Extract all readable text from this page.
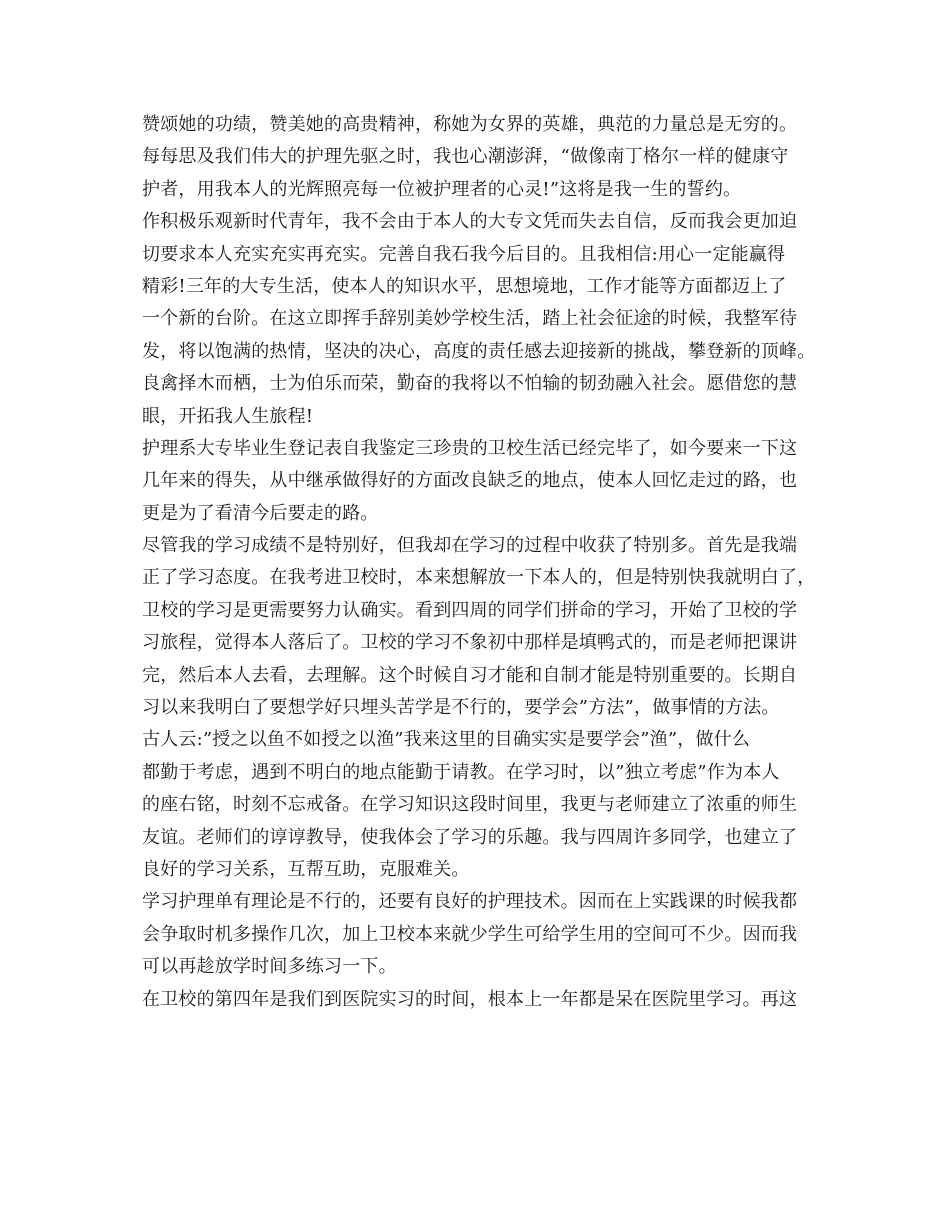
赞颂她的功绩，赞美她的高贵精神，称她为女界的英雄，典范的力量总是无穷的。
每每思及我们伟大的护理先驱之时，我也心潮澎湃，“做像南丁格尔一样的健康守
护者，用我本人的光辉照亮每一位被护理者的心灵!”这将是我一生的誓约。
作积极乐观新时代青年，我不会由于本人的大专文凭而失去自信，反而我会更加迫
切要求本人充实充实再充实。完善自我石我今后目的。且我相信:用心一定能赢得
精彩!三年的大专生活，使本人的知识水平，思想境地，工作才能等方面都迈上了
一个新的台阶。在这立即挥手辞别美妙学校生活，踏上社会征途的时候，我整军待
发，将以饱满的热情，坚决的决心，高度的责任感去迎接新的挑战，攀登新的顶峰。
良禽择木而栖，士为伯乐而荣，勤奋的我将以不怕输的韧劲融入社会。愿借您的慧
眼，开拓我人生旅程!
护理系大专毕业生登记表自我鉴定三珍贵的卫校生活已经完毕了，如今要来一下这
几年来的得失，从中继承做得好的方面改良缺乏的地点，使本人回忆走过的路，也
更是为了看清今后要走的路。
尽管我的学习成绩不是特别好，但我却在学习的过程中收获了特别多。首先是我端
正了学习态度。在我考进卫校时，本来想解放一下本人的，但是特别快我就明白了，
卫校的学习是更需要努力认确实。看到四周的同学们拼命的学习，开始了卫校的学
习旅程，觉得本人落后了。卫校的学习不象初中那样是填鸭式的，而是老师把课讲
完，然后本人去看，去理解。这个时候自习才能和自制才能是特别重要的。长期自
习以来我明白了要想学好只埋头苦学是不行的，要学会”方法”，做事情的方法。
古人云:”授之以鱼不如授之以渔”我来这里的目确实实是要学会”渔”，做什么
都勤于考虑，遇到不明白的地点能勤于请教。在学习时，以”独立考虑”作为本人
的座右铭，时刻不忘戒备。在学习知识这段时间里，我更与老师建立了浓重的师生
友谊。老师们的谆谆教导，使我体会了学习的乐趣。我与四周许多同学，也建立了
良好的学习关系，互帮互助，克服难关。
学习护理单有理论是不行的，还要有良好的护理技术。因而在上实践课的时候我都
会争取时机多操作几次，加上卫校本来就少学生可给学生用的空间可不少。因而我
可以再趁放学时间多练习一下。
在卫校的第四年是我们到医院实习的时间，根本上一年都是呆在医院里学习。再这
